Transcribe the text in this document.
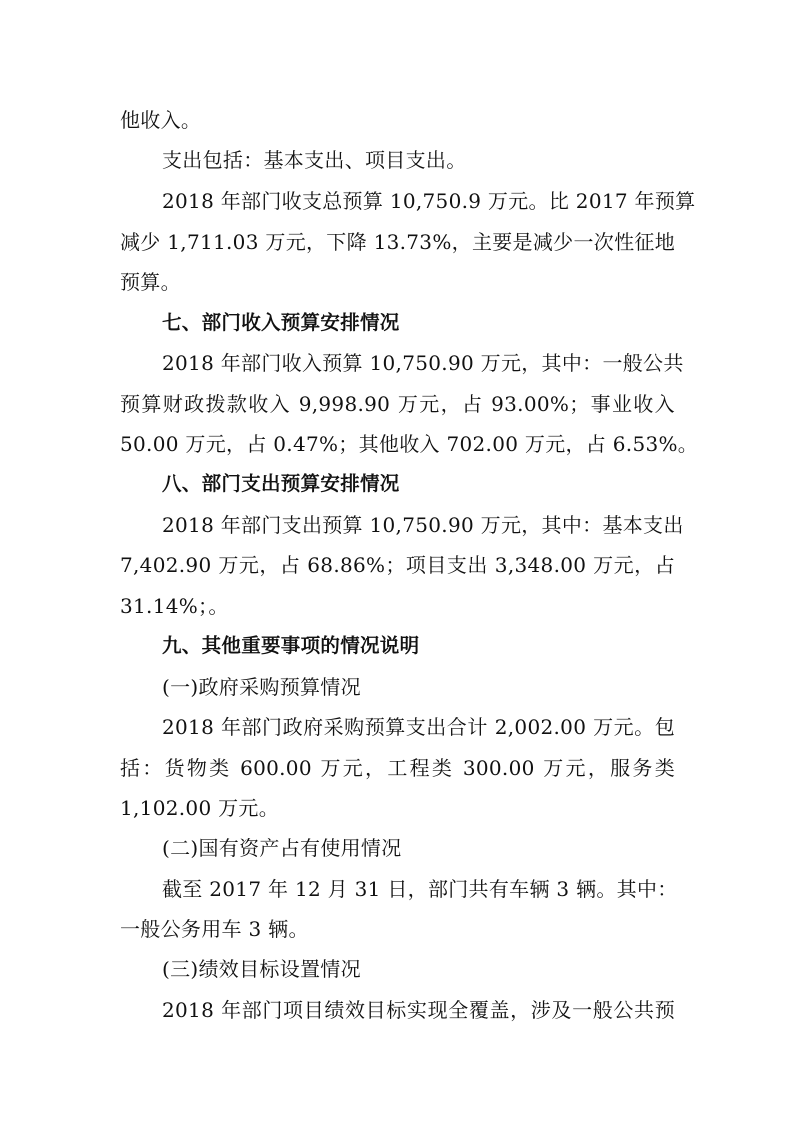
他收入。
支出包括：基本支出、项目支出。
2018 年部门收支总预算 10,750.9 万元。比 2017 年预算
减少 1,711.03 万元，下降 13.73%，主要是减少一次性征地
预算。
七、部门收入预算安排情况
2018 年部门收入预算 10,750.90 万元，其中：一般公共
预算财政拨款收入 9,998.90 万元，占 93.00%；事业收入
50.00 万元，占 0.47%；其他收入 702.00 万元，占 6.53%。
八、部门支出预算安排情况
2018 年部门支出预算 10,750.90 万元，其中：基本支出
7,402.90 万元，占 68.86%；项目支出 3,348.00 万元，占
31.14%；。
九、其他重要事项的情况说明
(一)政府采购预算情况
2018 年部门政府采购预算支出合计 2,002.00 万元。包
括：货物类 600.00 万元，工程类 300.00 万元，服务类
1,102.00 万元。
(二)国有资产占有使用情况
截至 2017 年 12 月 31 日，部门共有车辆 3 辆。其中：
一般公务用车 3 辆。
(三)绩效目标设置情况
2018 年部门项目绩效目标实现全覆盖，涉及一般公共预
